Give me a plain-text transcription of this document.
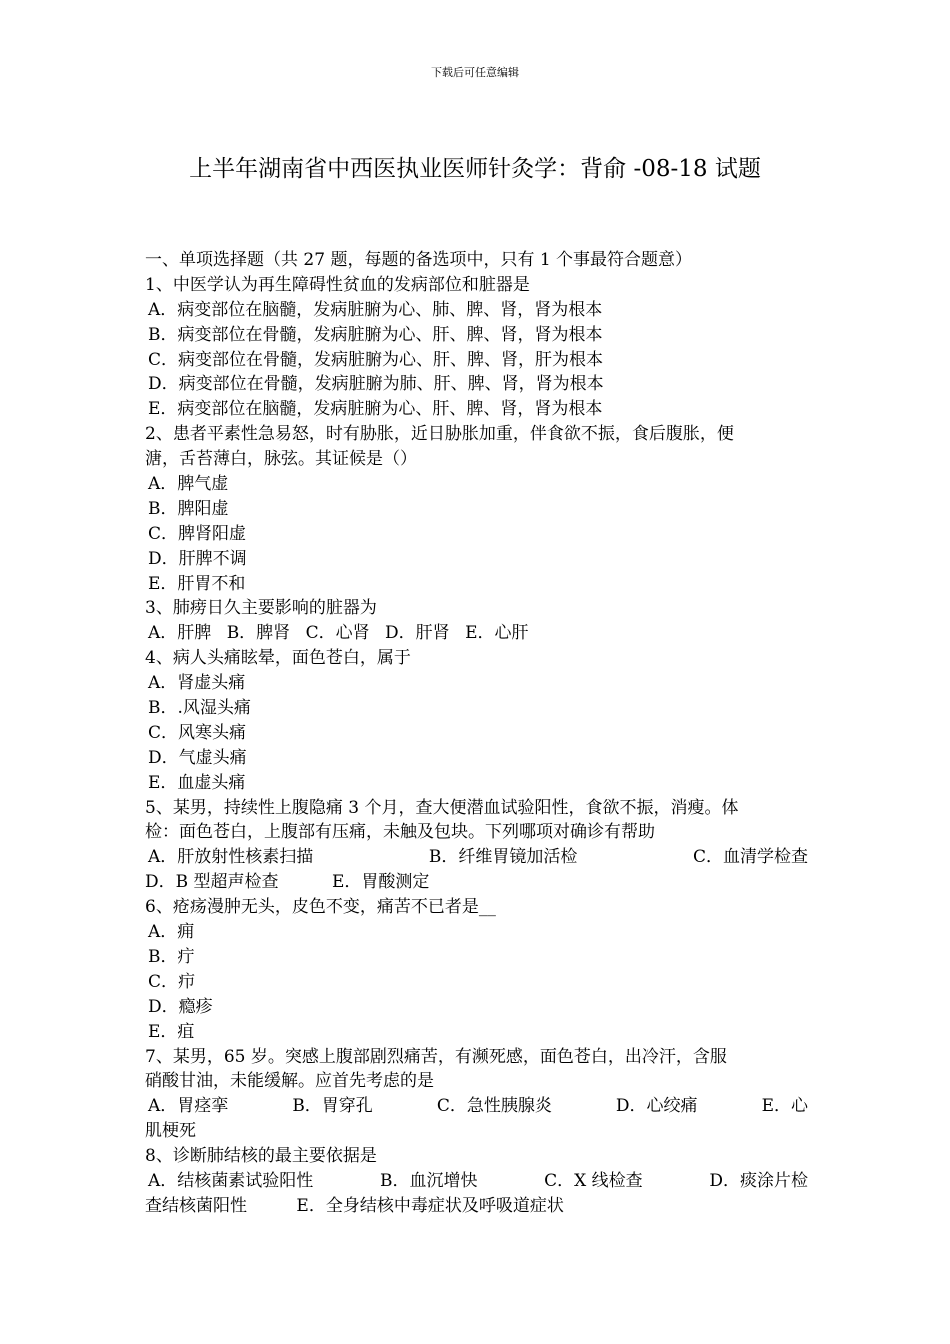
下载后可任意编辑
上半年湖南省中西医执业医师针灸学：背俞 -08-18 试题
一、单项选择题（共 27 题，每题的备选项中，只有 1 个事最符合题意）
1、中医学认为再生障碍性贫血的发病部位和脏器是
A．病变部位在脑髓，发病脏腑为心、肺、脾、肾，肾为根本
B．病变部位在骨髓，发病脏腑为心、肝、脾、肾，肾为根本
C．病变部位在骨髓，发病脏腑为心、肝、脾、肾，肝为根本
D．病变部位在骨髓，发病脏腑为肺、肝、脾、肾，肾为根本
E．病变部位在脑髓，发病脏腑为心、肝、脾、肾，肾为根本
2、患者平素性急易怒，时有胁胀，近日胁胀加重，伴食欲不振，食后腹胀，便
溏，舌苔薄白，脉弦。其证候是（）
A．脾气虚
B．脾阳虚
C．脾肾阳虚
D．肝脾不调
E．肝胃不和
3、肺痨日久主要影响的脏器为
A．肝脾 B．脾肾 C．心肾 D．肝肾 E．心肝
4、病人头痛眩晕，面色苍白，属于
A．肾虚头痛
B．.风湿头痛
C．风寒头痛
D．气虚头痛
E．血虚头痛
5、某男，持续性上腹隐痛 3 个月，查大便潜血试验阳性，食欲不振，消瘦。体
检：面色苍白，上腹部有压痛，未触及包块。下列哪项对确诊有帮助
A．肝放射性核素扫描	B．纤维胃镜加活检	C．血清学检查
D．B 型超声检查	E．胃酸测定
6、疮疡漫肿无头，皮色不变，痛苦不已者是__
A．痈
B．疔
C．疖
D．瘾疹
E．疽
7、某男，65 岁。突感上腹部剧烈痛苦，有濒死感，面色苍白，出冷汗，含服
硝酸甘油，未能缓解。应首先考虑的是
A．胃痉挛	B．胃穿孔	C．急性胰腺炎	D．心绞痛	E．心
肌梗死
8、诊断肺结核的最主要依据是
A．结核菌素试验阳性	B．血沉增快	C．X 线检查	D．痰涂片检
查结核菌阳性	E．全身结核中毒症状及呼吸道症状
